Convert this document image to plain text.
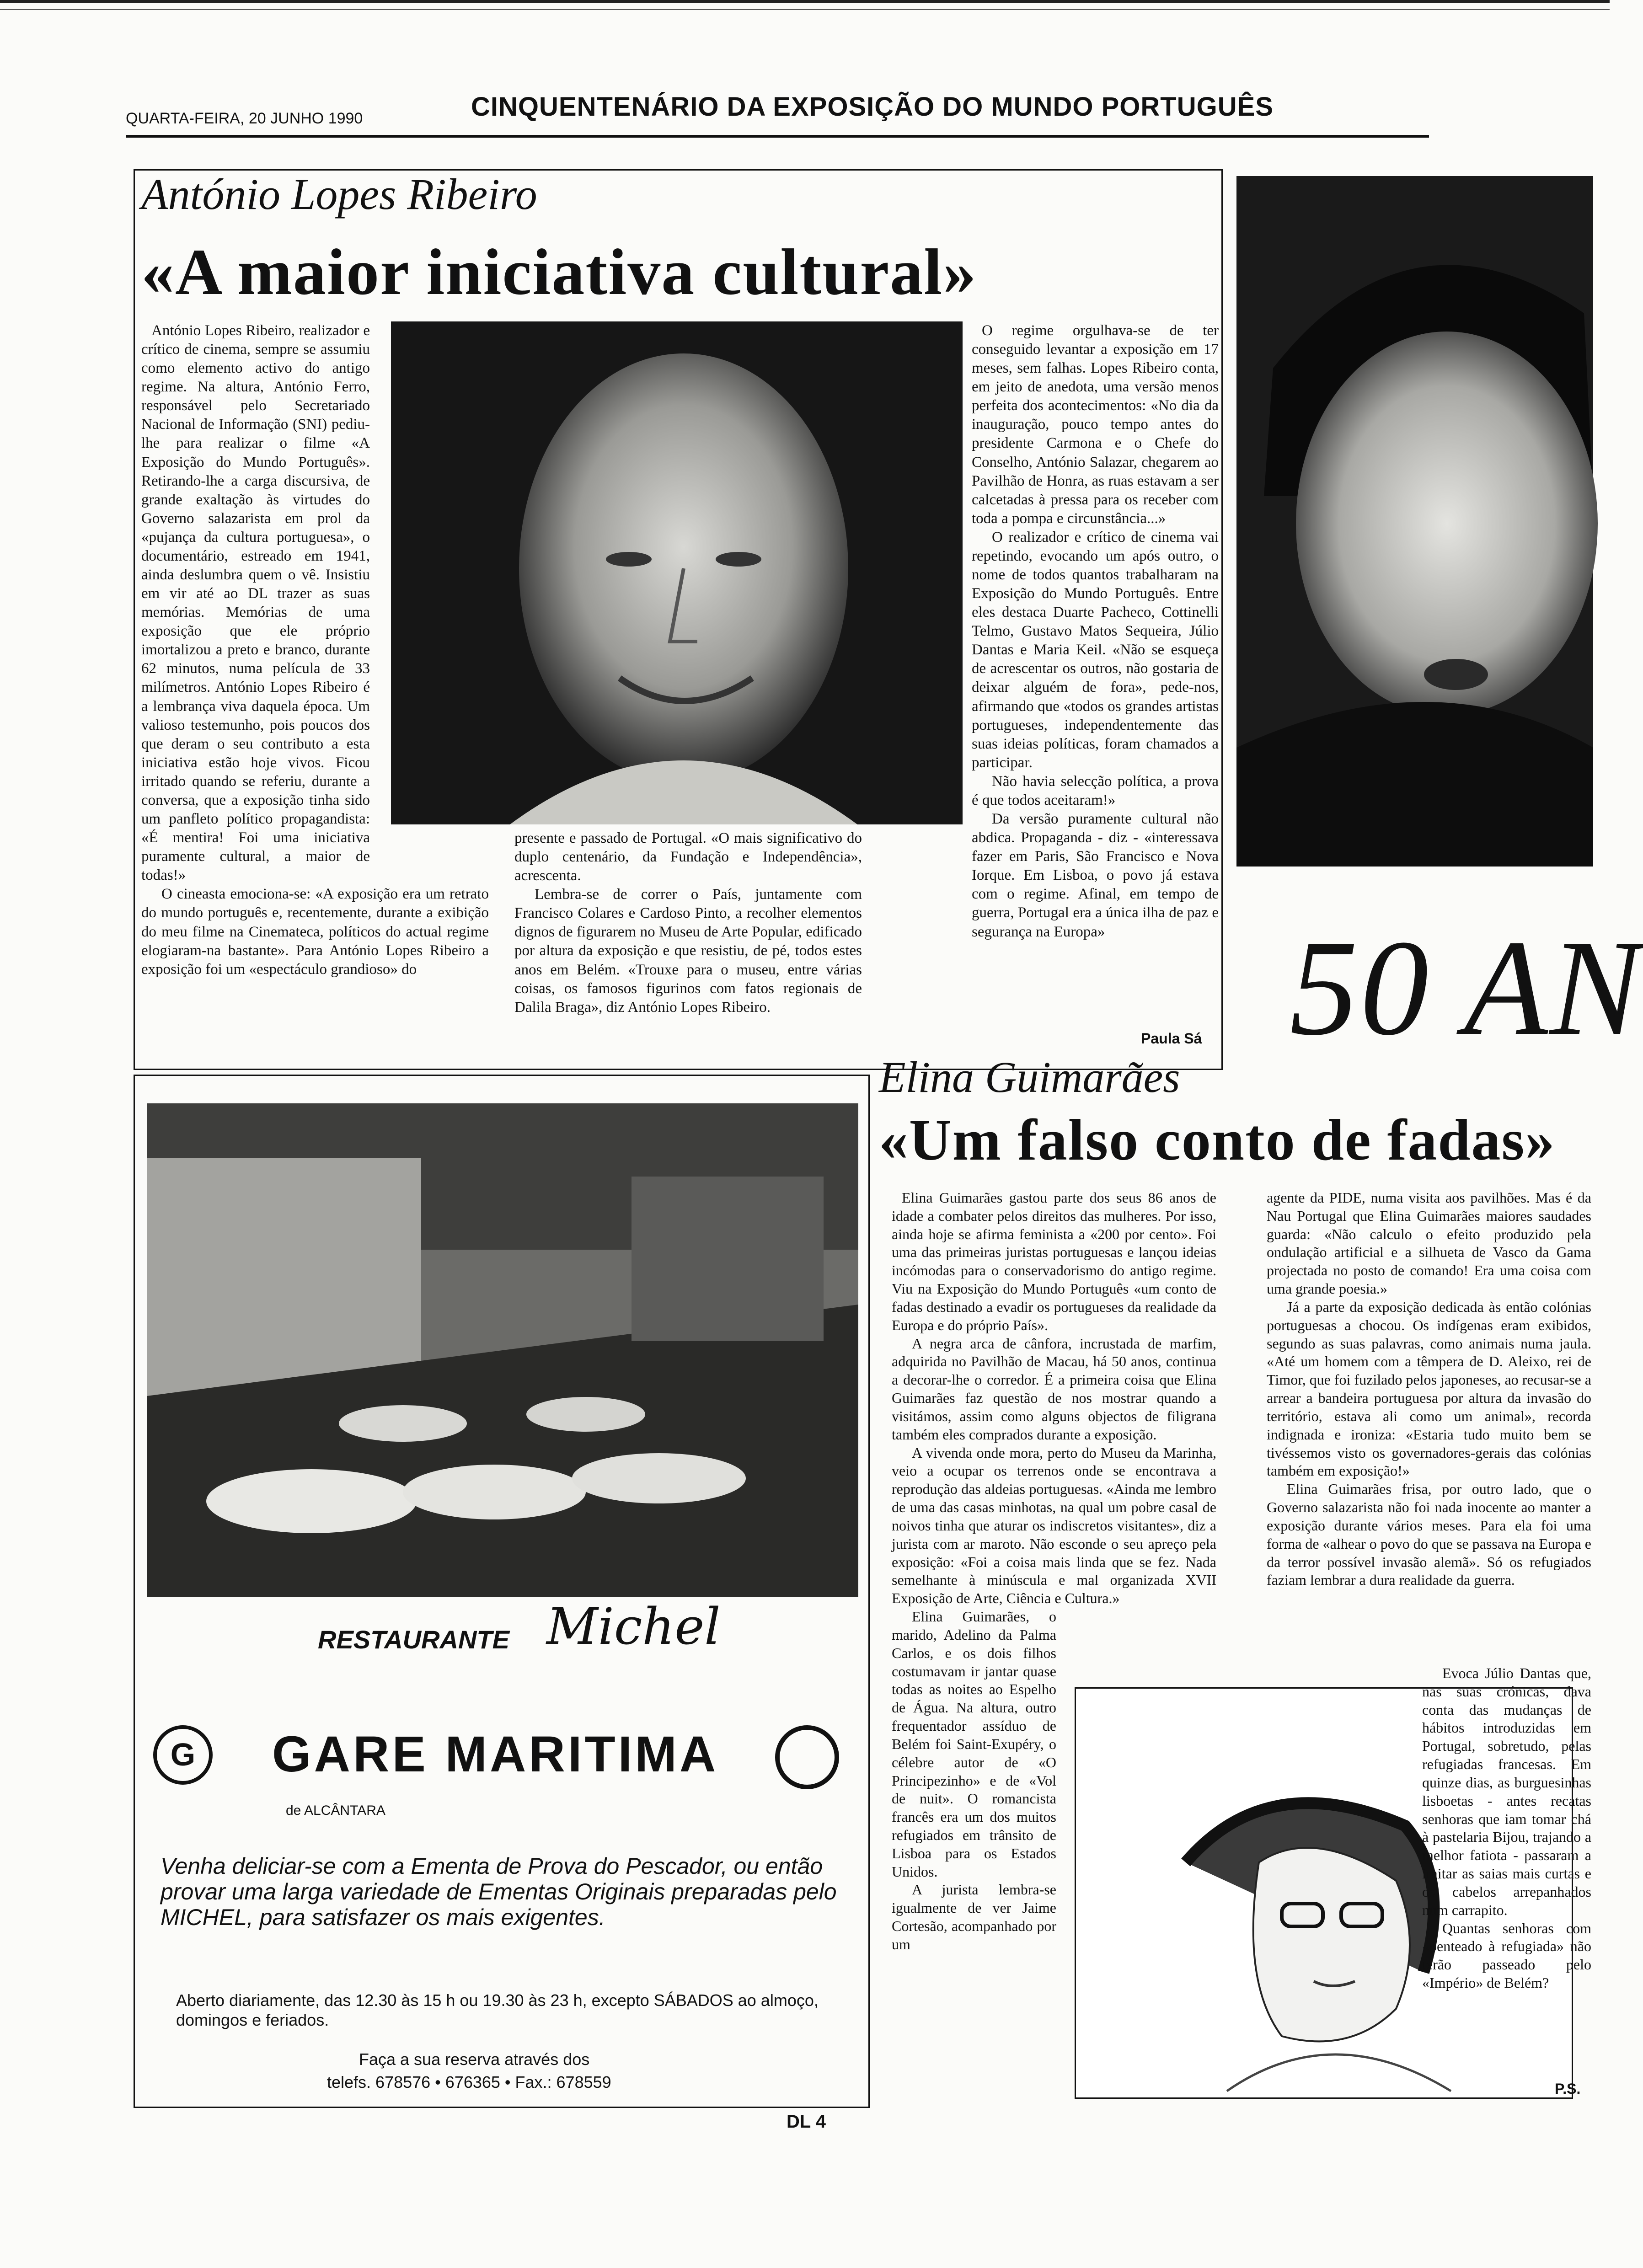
QUARTA-FEIRA, 20 JUNHO 1990	CINQUENTENÁRIO DA EXPOSIÇÃO DO MUNDO PORTUGUÊS
António Lopes Ribeiro
«A maior iniciativa cultural»

António Lopes Ribeiro, realizador e crítico de cinema, sempre se assumiu como elemento activo do antigo regime. Na altura, António Ferro, responsável pelo Secretariado Nacional de Informação (SNI) pediu-lhe para realizar o filme «A Exposição do Mundo Português». Retirando-lhe a carga discursiva, de grande exaltação às virtudes do Governo salazarista em prol da «pujança da cultura portuguesa», o documentário, estreado em 1941, ainda deslumbra quem o vê. Insistiu em vir até ao DL trazer as suas memórias. Memórias de uma exposição que ele próprio imortalizou a preto e branco, durante 62 minutos, numa película de 33 milímetros. António Lopes Ribeiro é a lembrança viva daquela época. Um valioso testemunho, pois poucos dos que deram o seu contributo a esta iniciativa estão hoje vivos. Ficou irritado quando se referiu, durante a conversa, que a exposição tinha sido um panfleto político propagandista: «É mentira! Foi uma iniciativa puramente cultural, a maior de todas!»

O cineasta emociona-se: «A exposição era um retrato do mundo português e, recentemente, durante a exibição do meu filme na Cinemateca, políticos do actual regime elogiaram-na bastante». Para António Lopes Ribeiro a exposição foi um «espectáculo grandioso» do

presente e passado de Portugal. «O mais significativo do duplo centenário, da Fundação e Independência», acrescenta.

Lembra-se de correr o País, juntamente com Francisco Colares e Cardoso Pinto, a recolher elementos dignos de figurarem no Museu de Arte Popular, edificado por altura da exposição e que resistiu, de pé, todos estes anos em Belém. «Trouxe para o museu, entre várias coisas, os famosos figurinos com fatos regionais de Dalila Braga», diz António Lopes Ribeiro.

O regime orgulhava-se de ter conseguido levantar a exposição em 17 meses, sem falhas. Lopes Ribeiro conta, em jeito de anedota, uma versão menos perfeita dos acontecimentos: «No dia da inauguração, pouco tempo antes do presidente Carmona e o Chefe do Conselho, António Salazar, chegarem ao Pavilhão de Honra, as ruas estavam a ser calcetadas à pressa para os receber com toda a pompa e circunstância...»

O realizador e crítico de cinema vai repetindo, evocando um após outro, o nome de todos quantos trabalharam na Exposição do Mundo Português. Entre eles destaca Duarte Pacheco, Cottinelli Telmo, Gustavo Matos Sequeira, Júlio Dantas e Maria Keil. «Não se esqueça de acrescentar os outros, não gostaria de deixar alguém de fora», pede-nos, afirmando que «todos os grandes artistas portugueses, independentemente das suas ideias políticas, foram chamados a participar.

Não havia selecção política, a prova é que todos aceitaram!»

Da versão puramente cultural não abdica. Propaganda - diz - «interessava fazer em Paris, São Francisco e Nova Iorque. Em Lisboa, o povo já estava com o regime. Afinal, em tempo de guerra, Portugal era a única ilha de paz e segurança na Europa»

Paula Sá 50 AN
Elina Guimarães
«Um falso conto de fadas»

Elina Guimarães gastou parte dos seus 86 anos de idade a combater pelos direitos das mulheres. Por isso, ainda hoje se afirma feminista a «200 por cento». Foi uma das primeiras juristas portuguesas e lançou ideias incómodas para o conservadorismo do antigo regime. Viu na Exposição do Mundo Português «um conto de fadas destinado a evadir os portugueses da realidade da Europa e do próprio País».

A negra arca de cânfora, incrustada de marfim, adquirida no Pavilhão de Macau, há 50 anos, continua a decorar-lhe o corredor. É a primeira coisa que Elina Guimarães faz questão de nos mostrar quando a visitámos, assim como alguns objectos de filigrana também eles comprados durante a exposição.

A vivenda onde mora, perto do Museu da Marinha, veio a ocupar os terrenos onde se encontrava a reprodução das aldeias portuguesas. «Ainda me lembro de uma das casas minhotas, na qual um pobre casal de noivos tinha que aturar os indiscretos visitantes», diz a jurista com ar maroto. Não esconde o seu apreço pela exposição: «Foi a coisa mais linda que se fez. Nada semelhante à minúscula e mal organizada XVII Exposição de Arte, Ciência e Cultura.»

Elina Guimarães, o marido, Adelino da Palma Carlos, e os dois filhos costumavam ir jantar quase todas as noites ao Espelho de Água. Na altura, outro frequentador assíduo de Belém foi Saint-Exupéry, o célebre autor de «O Principezinho» e de «Vol de nuit». O romancista francês era um dos muitos refugiados em trânsito de Lisboa para os Estados Unidos.

A jurista lembra-se igualmente de ver Jaime Cortesão, acompanhado por um

agente da PIDE, numa visita aos pavilhões. Mas é da Nau Portugal que Elina Guimarães maiores saudades guarda: «Não calculo o efeito produzido pela ondulação artificial e a silhueta de Vasco da Gama projectada no posto de comando! Era uma coisa com uma grande poesia.»

Já a parte da exposição dedicada às então colónias portuguesas a chocou. Os indígenas eram exibidos, segundo as suas palavras, como animais numa jaula. «Até um homem com a têmpera de D. Aleixo, rei de Timor, que foi fuzilado pelos japoneses, ao recusar-se a arrear a bandeira portuguesa por altura da invasão do território, estava ali como um animal», recorda indignada e ironiza: «Estaria tudo muito bem se tivéssemos visto os governadores-gerais das colónias também em exposição!»

Elina Guimarães frisa, por outro lado, que o Governo salazarista não foi nada inocente ao manter a exposição durante vários meses. Para ela foi uma forma de «alhear o povo do que se passava na Europa e da terror possível invasão alemã». Só os refugiados faziam lembrar a dura realidade da guerra.

Evoca Júlio Dantas que, nas suas crónicas, dava conta das mudanças de hábitos introduzidas em Portugal, sobretudo, pelas refugiadas francesas. Em quinze dias, as burguesinhas lisboetas - antes recatas senhoras que iam tomar chá à pastelaria Bijou, trajando a melhor fatiota - passaram a imitar as saias mais curtas e os cabelos arrepanhados num carrapito.

Quantas senhoras com «penteado à refugiada» não terão passeado pelo «Império» de Belém?

P.S.
RESTAURANTE Michel
G	GARE MARITIMA
de ALCÂNTARA
Venha deliciar-se com a Ementa de Prova do Pescador, ou então provar uma larga variedade de Ementas Originais preparadas pelo MICHEL, para satisfazer os mais exigentes.
Aberto diariamente, das 12.30 às 15 h ou 19.30 às 23 h, excepto SÁBADOS ao almoço, domingos e feriados.
Faça a sua reserva através dos
telefs. 678576 • 676365 • Fax.: 678559
DL 4
